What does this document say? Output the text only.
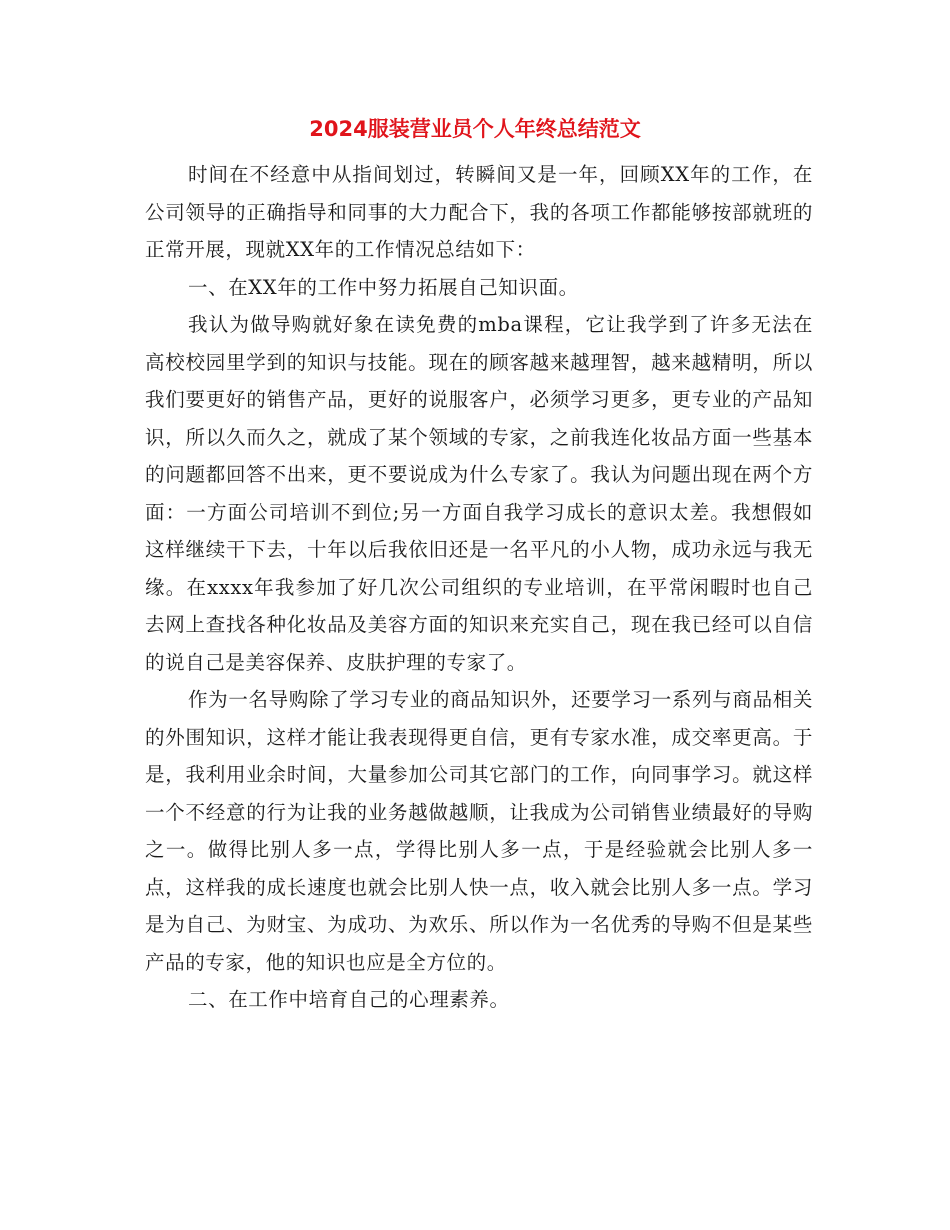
2024服装营业员个人年终总结范文

时间在不经意中从指间划过，转瞬间又是一年，回顾XX年的工作，在公司领导的正确指导和同事的大力配合下，我的各项工作都能够按部就班的正常开展，现就XX年的工作情况总结如下：

一、在XX年的工作中努力拓展自己知识面。

我认为做导购就好象在读免费的mba课程，它让我学到了许多无法在高校校园里学到的知识与技能。现在的顾客越来越理智，越来越精明，所以我们要更好的销售产品，更好的说服客户，必须学习更多，更专业的产品知识，所以久而久之，就成了某个领域的专家，之前我连化妆品方面一些基本的问题都回答不出来，更不要说成为什么专家了。我认为问题出现在两个方面：一方面公司培训不到位;另一方面自我学习成长的意识太差。我想假如这样继续干下去，十年以后我依旧还是一名平凡的小人物，成功永远与我无缘。在xxxx年我参加了好几次公司组织的专业培训，在平常闲暇时也自己去网上查找各种化妆品及美容方面的知识来充实自己，现在我已经可以自信的说自己是美容保养、皮肤护理的专家了。

作为一名导购除了学习专业的商品知识外，还要学习一系列与商品相关的外围知识，这样才能让我表现得更自信，更有专家水准，成交率更高。于是，我利用业余时间，大量参加公司其它部门的工作，向同事学习。就这样一个不经意的行为让我的业务越做越顺，让我成为公司销售业绩最好的导购之一。做得比别人多一点，学得比别人多一点，于是经验就会比别人多一点，这样我的成长速度也就会比别人快一点，收入就会比别人多一点。学习是为自己、为财宝、为成功、为欢乐、所以作为一名优秀的导购不但是某些产品的专家，他的知识也应是全方位的。

二、在工作中培育自己的心理素养。
